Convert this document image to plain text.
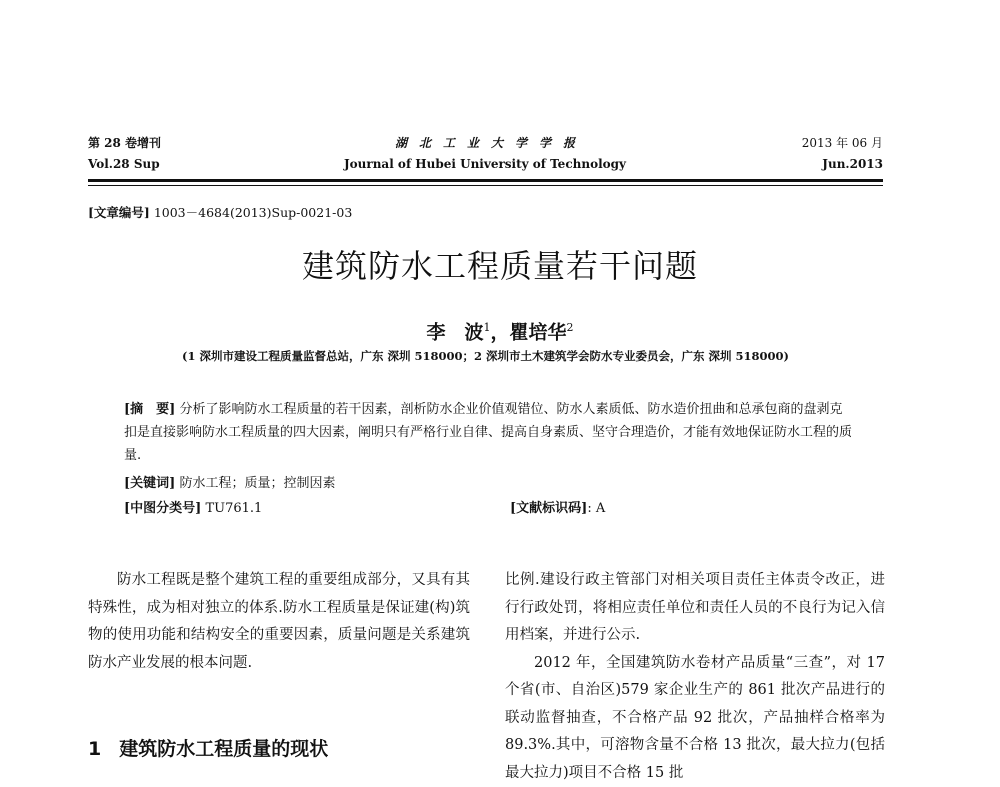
第 28 卷增刊
Vol.28 Sup
湖　北　工　业　大　学　学　报
Journal of Hubei University of Technology
2013 年 06 月
Jun.2013
[文章编号] 1003－4684(2013)Sup-0021-03
建筑防水工程质量若干问题
李　波$^1$，瞿培华$^2$
(1 深圳市建设工程质量监督总站，广东 深圳 518000；2 深圳市土木建筑学会防水专业委员会，广东 深圳 518000)
[摘　要] 分析了影响防水工程质量的若干因素，剖析防水企业价值观错位、防水人素质低、防水造价扭曲和总承包商的盘剥克扣是直接影响防水工程质量的四大因素，阐明只有严格行业自律、提高自身素质、坚守合理造价，才能有效地保证防水工程的质量.
[关键词] 防水工程；质量；控制因素
[中图分类号] TU761.1	[文献标识码]: A

防水工程既是整个建筑工程的重要组成部分，又具有其特殊性，成为相对独立的体系.防水工程质量是保证建(构)筑物的使用功能和结构安全的重要因素，质量问题是关系建筑防水产业发展的根本问题.

1 建筑防水工程质量的现状

比例.建设行政主管部门对相关项目责任主体责令改正，进行行政处罚，将相应责任单位和责任人员的不良行为记入信用档案，并进行公示.

2012 年，全国建筑防水卷材产品质量“三查”，对 17 个省(市、自治区)579 家企业生产的 861 批次产品进行的联动监督抽查，不合格产品 92 批次，产品抽样合格率为 89.3%.其中，可溶物含量不合格 13 批次，最大拉力(包括最大拉力)项目不合格 15 批
